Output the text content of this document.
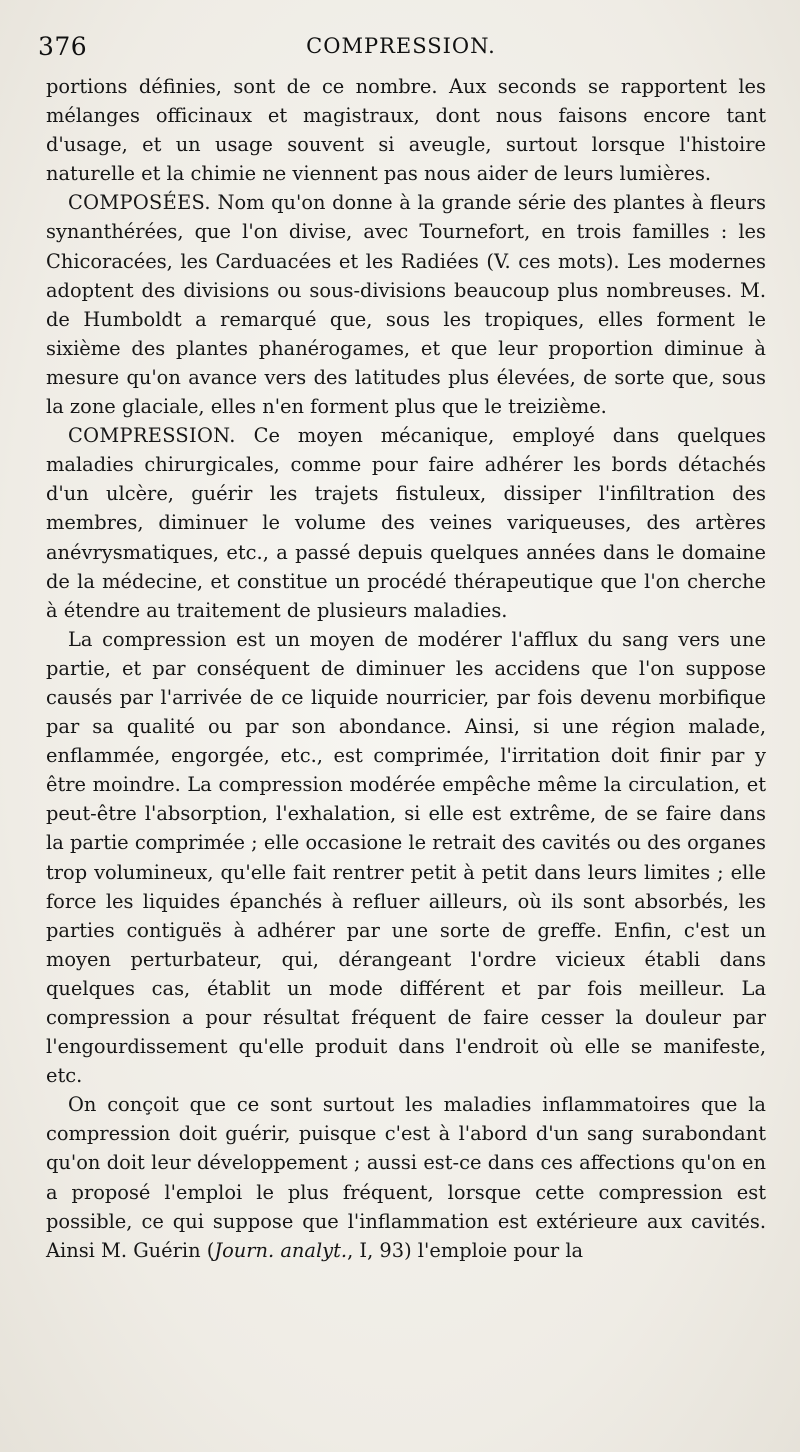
376	COMPRESSION.

portions définies, sont de ce nombre. Aux seconds se rapportent les mélanges officinaux et magistraux, dont nous faisons encore tant d'usage, et un usage souvent si aveugle, surtout lorsque l'histoire naturelle et la chimie ne viennent pas nous aider de leurs lumières.

COMPOSÉES. Nom qu'on donne à la grande série des plantes à fleurs synanthérées, que l'on divise, avec Tournefort, en trois familles : les Chicoracées, les Carduacées et les Radiées (V. ces mots). Les modernes adoptent des divisions ou sous-divisions beaucoup plus nombreuses. M. de Humboldt a remarqué que, sous les tropiques, elles forment le sixième des plantes phanérogames, et que leur proportion diminue à mesure qu'on avance vers des latitudes plus élevées, de sorte que, sous la zone glaciale, elles n'en forment plus que le treizième.

COMPRESSION. Ce moyen mécanique, employé dans quelques maladies chirurgicales, comme pour faire adhérer les bords détachés d'un ulcère, guérir les trajets fistuleux, dissiper l'infiltration des membres, diminuer le volume des veines variqueuses, des artères anévrysmatiques, etc., a passé depuis quelques années dans le domaine de la médecine, et constitue un procédé thérapeutique que l'on cherche à étendre au traitement de plusieurs maladies.

La compression est un moyen de modérer l'afflux du sang vers une partie, et par conséquent de diminuer les accidens que l'on suppose causés par l'arrivée de ce liquide nourricier, par fois devenu morbifique par sa qualité ou par son abondance. Ainsi, si une région malade, enflammée, engorgée, etc., est comprimée, l'irritation doit finir par y être moindre. La compression modérée empêche même la circulation, et peut-être l'absorption, l'exhalation, si elle est extrême, de se faire dans la partie comprimée ; elle occasione le retrait des cavités ou des organes trop volumineux, qu'elle fait rentrer petit à petit dans leurs limites ; elle force les liquides épanchés à refluer ailleurs, où ils sont absorbés, les parties contiguës à adhérer par une sorte de greffe. Enfin, c'est un moyen perturbateur, qui, dérangeant l'ordre vicieux établi dans quelques cas, établit un mode différent et par fois meilleur. La compression a pour résultat fréquent de faire cesser la douleur par l'engourdissement qu'elle produit dans l'endroit où elle se manifeste, etc.

On conçoit que ce sont surtout les maladies inflammatoires que la compression doit guérir, puisque c'est à l'abord d'un sang surabondant qu'on doit leur développement ; aussi est-ce dans ces affections qu'on en a proposé l'emploi le plus fréquent, lorsque cette compression est possible, ce qui suppose que l'inflammation est extérieure aux cavités. Ainsi M. Guérin (Journ. analyt., I, 93) l'emploie pour la
